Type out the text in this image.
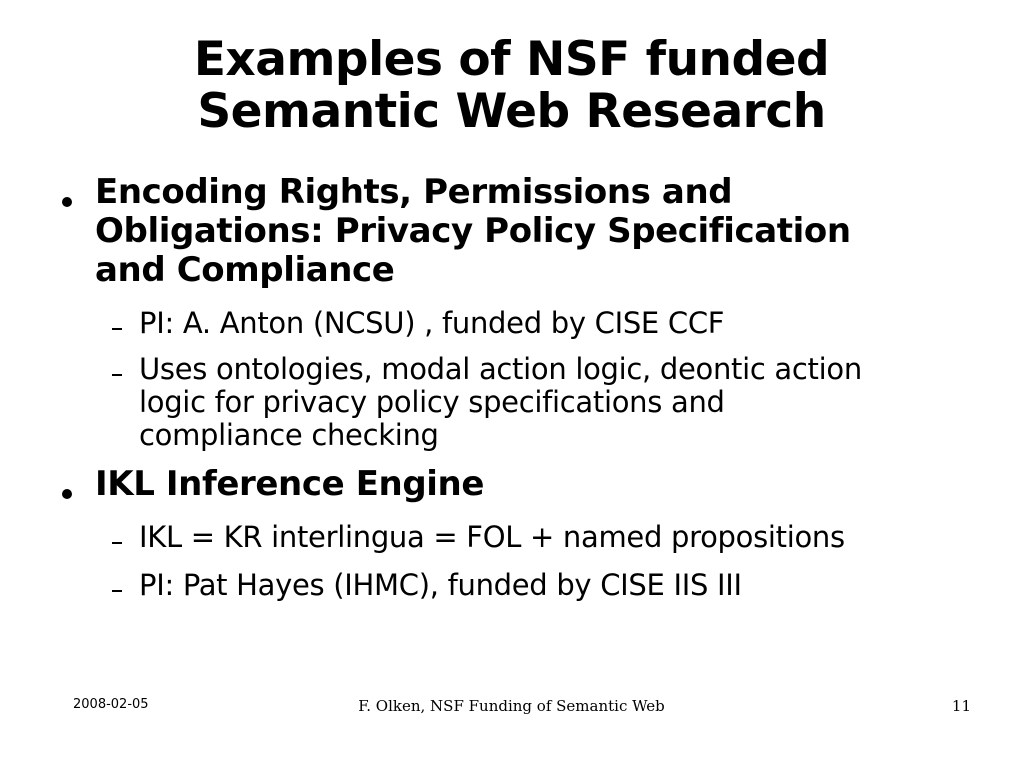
Examples of NSF funded
Semantic Web Research
Encoding Rights, Permissions and
Obligations: Privacy Policy Specification
and Compliance
PI: A. Anton (NCSU) , funded by CISE CCF
Uses ontologies, modal action logic, deontic action
logic for privacy policy specifications and
compliance checking
IKL Inference Engine
IKL = KR interlingua = FOL + named propositions
PI: Pat Hayes (IHMC), funded by CISE IIS III
2008-02-05	F. Olken, NSF Funding of Semantic Web	11
